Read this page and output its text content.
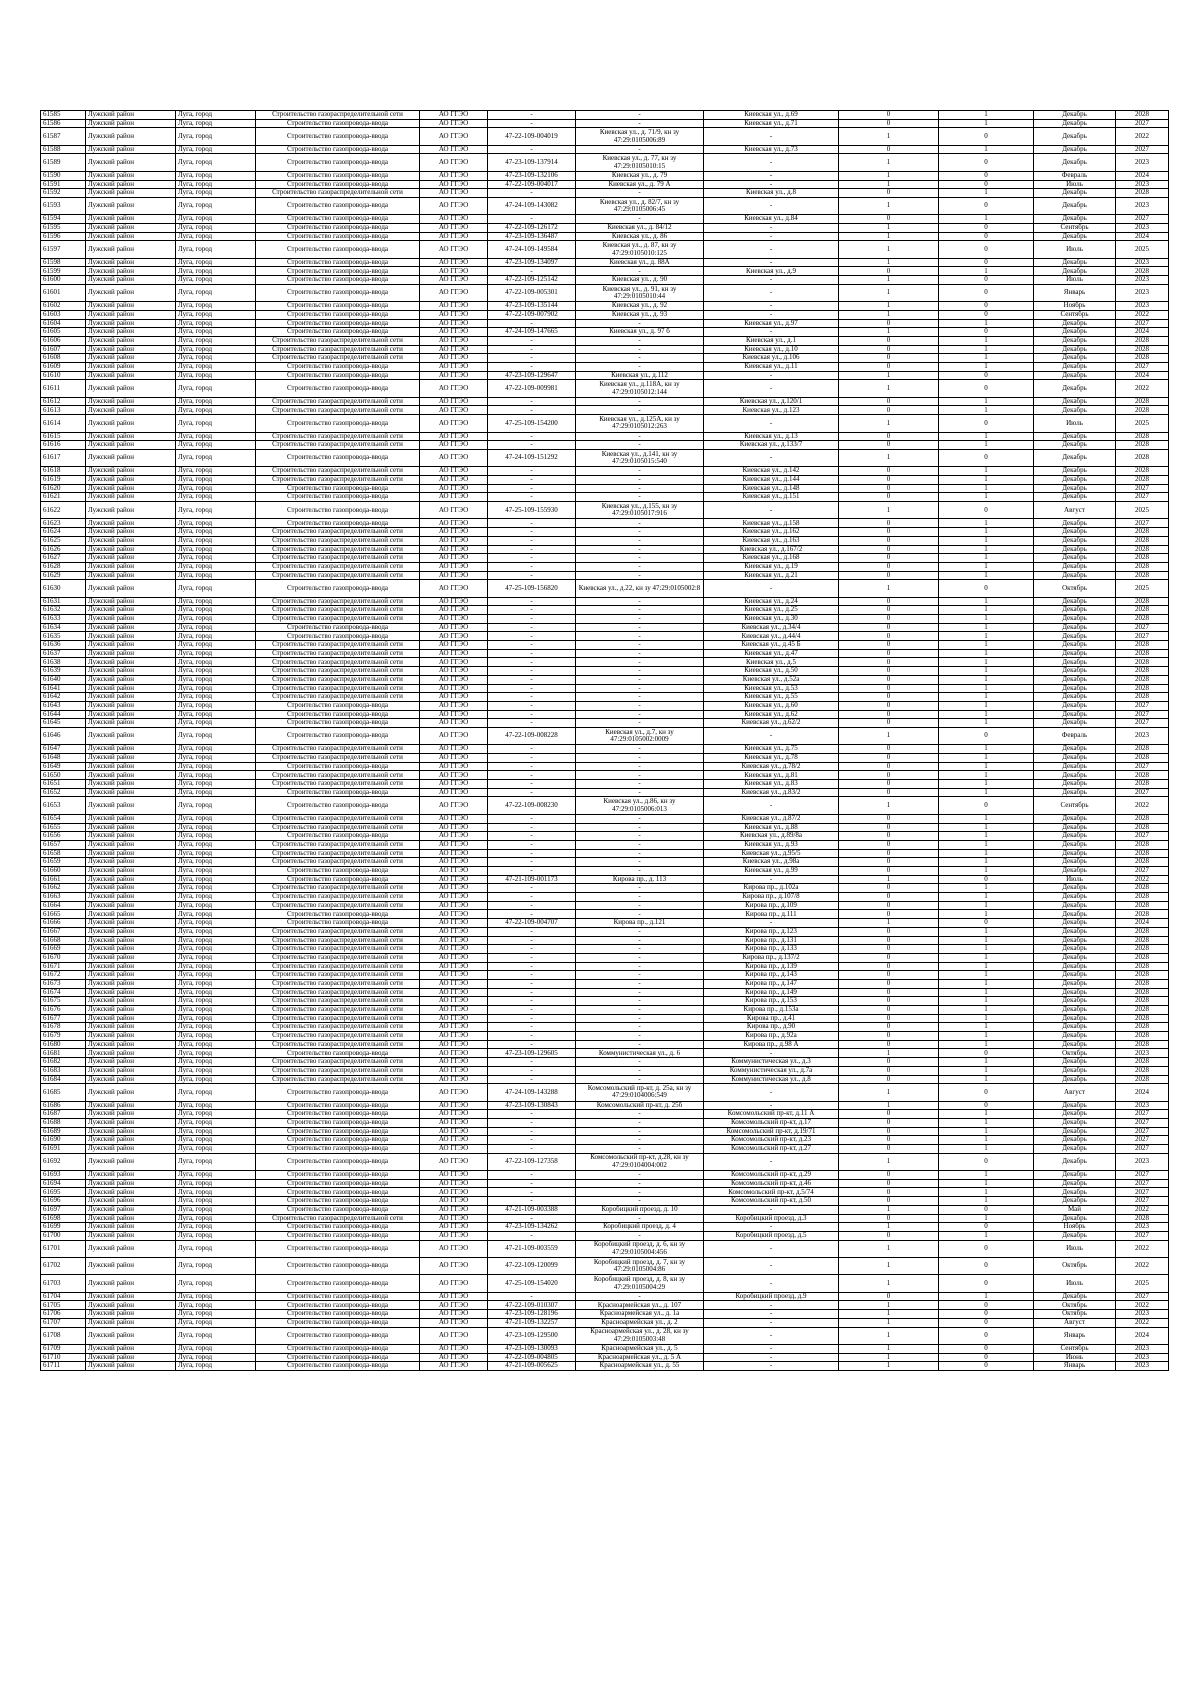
61585	Лужский район	Луга, город	Строительство газораспределительной сети	АО ГГЭО	-	-	Киевская ул., д.69	0	1	Декабрь	2028
61586	Лужский район	Луга, город	Строительство газопровода-ввода	АО ГГЭО	-	-	Киевская ул., д.71	0	1	Декабрь	2027
61587	Лужский район	Луга, город	Строительство газопровода-ввода	АО ГГЭО	47-22-109-004019	Киевская ул., д. 71/9, кн зу 47:29:0105006:89	-	1	0	Декабрь	2022
61588	Лужский район	Луга, город	Строительство газопровода-ввода	АО ГГЭО	-	-	Киевская ул., д.73	0	1	Декабрь	2027
61589	Лужский район	Луга, город	Строительство газопровода-ввода	АО ГГЭО	47-23-109-137914	Киевская ул., д. 77, кн зу 47:29:0105010:15	-	1	0	Декабрь	2023
61590	Лужский район	Луга, город	Строительство газопровода-ввода	АО ГГЭО	47-23-109-132106	Киевская ул., д. 79	-	1	0	Февраль	2024
61591	Лужский район	Луга, город	Строительство газопровода-ввода	АО ГГЭО	47-22-109-004017	Киевская ул., д. 79 А	-	1	0	Июль	2023
61592	Лужский район	Луга, город	Строительство газораспределительной сети	АО ГГЭО	-	-	Киевская ул., д.8	0	1	Декабрь	2028
61593	Лужский район	Луга, город	Строительство газопровода-ввода	АО ГГЭО	47-24-109-143082	Киевская ул., д. 82/7, кн зу 47:29:0105006:45	-	1	0	Декабрь	2023
61594	Лужский район	Луга, город	Строительство газопровода-ввода	АО ГГЭО	-	-	Киевская ул., д.84	0	1	Декабрь	2027
61595	Лужский район	Луга, город	Строительство газопровода-ввода	АО ГГЭО	47-22-109-126172	Киевская ул., д. 84/12	-	1	0	Сентябрь	2023
61596	Лужский район	Луга, город	Строительство газопровода-ввода	АО ГГЭО	47-23-109-136487	Киевская ул., д. 86	-	1	0	Декабрь	2024
61597	Лужский район	Луга, город	Строительство газопровода-ввода	АО ГГЭО	47-24-109-149584	Киевская ул., д. 87, кн зу 47:29:0105010:125	-	1	0	Июль	2025
61598	Лужский район	Луга, город	Строительство газопровода-ввода	АО ГГЭО	47-23-109-134097	Киевская ул., д. 88А	-	1	0	Декабрь	2023
61599	Лужский район	Луга, город	Строительство газопровода-ввода	АО ГГЭО	-	-	Киевская ул., д.9	0	1	Декабрь	2028
61600	Лужский район	Луга, город	Строительство газопровода-ввода	АО ГГЭО	47-22-109-125142	Киевская ул., д. 90	-	1	0	Июль	2023
61601	Лужский район	Луга, город	Строительство газопровода-ввода	АО ГГЭО	47-22-109-005301	Киевская ул., д. 91, кн зу 47:29:0105010:44	-	1	0	Январь	2023
61602	Лужский район	Луга, город	Строительство газопровода-ввода	АО ГГЭО	47-23-109-135144	Киевская ул., д. 92	-	1	0	Ноябрь	2023
61603	Лужский район	Луга, город	Строительство газопровода-ввода	АО ГГЭО	47-22-109-007902	Киевская ул., д. 93	-	1	0	Сентябрь	2022
61604	Лужский район	Луга, город	Строительство газопровода-ввода	АО ГГЭО	-	-	Киевская ул., д.97	0	1	Декабрь	2027
61605	Лужский район	Луга, город	Строительство газопровода-ввода	АО ГГЭО	47-24-109-147665	Киевская ул., д. 97 б	-	1	0	Декабрь	2024
61606	Лужский район	Луга, город	Строительство газораспределительной сети	АО ГГЭО	-	-	Киевская ул., д.1	0	1	Декабрь	2028
61607	Лужский район	Луга, город	Строительство газораспределительной сети	АО ГГЭО	-	-	Киевская ул., д.10	0	1	Декабрь	2028
61608	Лужский район	Луга, город	Строительство газораспределительной сети	АО ГГЭО	-	-	Киевская ул., д.106	0	1	Декабрь	2028
61609	Лужский район	Луга, город	Строительство газопровода-ввода	АО ГГЭО	-	-	Киевская ул., д.11	0	1	Декабрь	2027
61610	Лужский район	Луга, город	Строительство газопровода-ввода	АО ГГЭО	47-23-109-129647	Киевская ул., д.112	-	1	0	Декабрь	2024
61611	Лужский район	Луга, город	Строительство газопровода-ввода	АО ГГЭО	47-22-109-009981	Киевская ул., д.118А, кн зу 47:29:0105012:144	-	1	0	Декабрь	2022
61612	Лужский район	Луга, город	Строительство газораспределительной сети	АО ГГЭО	-	-	Киевская ул., д.120/1	0	1	Декабрь	2028
61613	Лужский район	Луга, город	Строительство газораспределительной сети	АО ГГЭО	-	-	Киевская ул., д.123	0	1	Декабрь	2028
61614	Лужский район	Луга, город	Строительство газопровода-ввода	АО ГГЭО	47-25-109-154200	Киевская ул., д.125А, кн зу 47:29:0105012:263	-	1	0	Июль	2025
61615	Лужский район	Луга, город	Строительство газораспределительной сети	АО ГГЭО	-	-	Киевская ул., д.13	0	1	Декабрь	2028
61616	Лужский район	Луга, город	Строительство газораспределительной сети	АО ГГЭО	-	-	Киевская ул., д.133/7	0	1	Декабрь	2028
61617	Лужский район	Луга, город	Строительство газопровода-ввода	АО ГГЭО	47-24-109-151292	Киевская ул., д.141, кн зу 47:29:0105015:540	-	1	0	Декабрь	2028
61618	Лужский район	Луга, город	Строительство газораспределительной сети	АО ГГЭО	-	-	Киевская ул., д.142	0	1	Декабрь	2028
61619	Лужский район	Луга, город	Строительство газораспределительной сети	АО ГГЭО	-	-	Киевская ул., д.144	0	1	Декабрь	2028
61620	Лужский район	Луга, город	Строительство газопровода-ввода	АО ГГЭО	-	-	Киевская ул., д.148	0	1	Декабрь	2027
61621	Лужский район	Луга, город	Строительство газопровода-ввода	АО ГГЭО	-	-	Киевская ул., д.151	0	1	Декабрь	2027
61622	Лужский район	Луга, город	Строительство газопровода-ввода	АО ГГЭО	47-25-109-155930	Киевская ул., д.155, кн зу 47:29:0105017:916	-	1	0	Август	2025
61623	Лужский район	Луга, город	Строительство газопровода-ввода	АО ГГЭО	-	-	Киевская ул., д.158	0	1	Декабрь	2027
61624	Лужский район	Луга, город	Строительство газораспределительной сети	АО ГГЭО	-	-	Киевская ул., д.162	0	1	Декабрь	2028
61625	Лужский район	Луга, город	Строительство газораспределительной сети	АО ГГЭО	-	-	Киевская ул., д.163	0	1	Декабрь	2028
61626	Лужский район	Луга, город	Строительство газораспределительной сети	АО ГГЭО	-	-	Киевская ул., д.167/2	0	1	Декабрь	2028
61627	Лужский район	Луга, город	Строительство газораспределительной сети	АО ГГЭО	-	-	Киевская ул., д.168	0	1	Декабрь	2028
61628	Лужский район	Луга, город	Строительство газораспределительной сети	АО ГГЭО	-	-	Киевская ул., д.19	0	1	Декабрь	2028
61629	Лужский район	Луга, город	Строительство газораспределительной сети	АО ГГЭО	-	-	Киевская ул., д.21	0	1	Декабрь	2028
61630	Лужский район	Луга, город	Строительство газопровода-ввода	АО ГГЭО	47-25-109-156820	Киевская ул., д.22, кн зу 47:29:0105002:8	-	1	0	Октябрь	2025
61631	Лужский район	Луга, город	Строительство газораспределительной сети	АО ГГЭО	-	-	Киевская ул., д.24	0	1	Декабрь	2028
61632	Лужский район	Луга, город	Строительство газораспределительной сети	АО ГГЭО	-	-	Киевская ул., д.25	0	1	Декабрь	2028
61633	Лужский район	Луга, город	Строительство газораспределительной сети	АО ГГЭО	-	-	Киевская ул., д.30	0	1	Декабрь	2028
61634	Лужский район	Луга, город	Строительство газопровода-ввода	АО ГГЭО	-	-	Киевская ул., д.34/4	0	1	Декабрь	2027
61635	Лужский район	Луга, город	Строительство газопровода-ввода	АО ГГЭО	-	-	Киевская ул., д.44/4	0	1	Декабрь	2027
61636	Лужский район	Луга, город	Строительство газораспределительной сети	АО ГГЭО	-	-	Киевская ул., д.45 Б	0	1	Декабрь	2028
61637	Лужский район	Луга, город	Строительство газораспределительной сети	АО ГГЭО	-	-	Киевская ул., д.47	0	1	Декабрь	2028
61638	Лужский район	Луга, город	Строительство газораспределительной сети	АО ГГЭО	-	-	Киевская ул., д.5	0	1	Декабрь	2028
61639	Лужский район	Луга, город	Строительство газораспределительной сети	АО ГГЭО	-	-	Киевская ул., д.50	0	1	Декабрь	2028
61640	Лужский район	Луга, город	Строительство газораспределительной сети	АО ГГЭО	-	-	Киевская ул., д.52а	0	1	Декабрь	2028
61641	Лужский район	Луга, город	Строительство газораспределительной сети	АО ГГЭО	-	-	Киевская ул., д.53	0	1	Декабрь	2028
61642	Лужский район	Луга, город	Строительство газораспределительной сети	АО ГГЭО	-	-	Киевская ул., д.55	0	1	Декабрь	2028
61643	Лужский район	Луга, город	Строительство газопровода-ввода	АО ГГЭО	-	-	Киевская ул., д.60	0	1	Декабрь	2027
61644	Лужский район	Луга, город	Строительство газопровода-ввода	АО ГГЭО	-	-	Киевская ул., д.62	0	1	Декабрь	2027
61645	Лужский район	Луга, город	Строительство газопровода-ввода	АО ГГЭО	-	-	Киевская ул., д.62/2	0	1	Декабрь	2027
61646	Лужский район	Луга, город	Строительство газопровода-ввода	АО ГГЭО	47-22-109-008228	Киевская ул., д.7, кн зу 47:29:0105002:0009	-	1	0	Февраль	2023
61647	Лужский район	Луга, город	Строительство газораспределительной сети	АО ГГЭО	-	-	Киевская ул., д.75	0	1	Декабрь	2028
61648	Лужский район	Луга, город	Строительство газораспределительной сети	АО ГГЭО	-	-	Киевская ул., д.78	0	1	Декабрь	2028
61649	Лужский район	Луга, город	Строительство газопровода-ввода	АО ГГЭО	-	-	Киевская ул., д.78/2	0	1	Декабрь	2027
61650	Лужский район	Луга, город	Строительство газораспределительной сети	АО ГГЭО	-	-	Киевская ул., д.81	0	1	Декабрь	2028
61651	Лужский район	Луга, город	Строительство газораспределительной сети	АО ГГЭО	-	-	Киевская ул., д.83	0	1	Декабрь	2028
61652	Лужский район	Луга, город	Строительство газопровода-ввода	АО ГГЭО	-	-	Киевская ул., д.83/2	0	1	Декабрь	2027
61653	Лужский район	Луга, город	Строительство газопровода-ввода	АО ГГЭО	47-22-109-008230	Киевская ул., д.86, кн зу 47:29:0105006:013	-	1	0	Сентябрь	2022
61654	Лужский район	Луга, город	Строительство газораспределительной сети	АО ГГЭО	-	-	Киевская ул., д.87/2	0	1	Декабрь	2028
61655	Лужский район	Луга, город	Строительство газораспределительной сети	АО ГГЭО	-	-	Киевская ул., д.88	0	1	Декабрь	2028
61656	Лужский район	Луга, город	Строительство газопровода-ввода	АО ГГЭО	-	-	Киевская ул., д.89/8а	0	1	Декабрь	2027
61657	Лужский район	Луга, город	Строительство газораспределительной сети	АО ГГЭО	-	-	Киевская ул., д.93	0	1	Декабрь	2028
61658	Лужский район	Луга, город	Строительство газораспределительной сети	АО ГГЭО	-	-	Киевская ул., д.95/5	0	1	Декабрь	2028
61659	Лужский район	Луга, город	Строительство газораспределительной сети	АО ГГЭО	-	-	Киевская ул., д.98а	0	1	Декабрь	2028
61660	Лужский район	Луга, город	Строительство газопровода-ввода	АО ГГЭО	-	-	Киевская ул., д.99	0	1	Декабрь	2027
61661	Лужский район	Луга, город	Строительство газопровода-ввода	АО ГГЭО	47-21-109-001173	Кирова пр., д. 113	-	1	0	Июль	2022
61662	Лужский район	Луга, город	Строительство газораспределительной сети	АО ГГЭО	-	-	Кирова пр., д.102а	0	1	Декабрь	2028
61663	Лужский район	Луга, город	Строительство газораспределительной сети	АО ГГЭО	-	-	Кирова пр., д.107/8	0	1	Декабрь	2028
61664	Лужский район	Луга, город	Строительство газораспределительной сети	АО ГГЭО	-	-	Кирова пр., д.109	0	1	Декабрь	2028
61665	Лужский район	Луга, город	Строительство газопровода-ввода	АО ГГЭО	-	-	Кирова пр., д.111	0	1	Декабрь	2028
61666	Лужский район	Луга, город	Строительство газопровода-ввода	АО ГГЭО	47-22-109-004707	Кирова пр., д.121	-	1	0	Декабрь	2024
61667	Лужский район	Луга, город	Строительство газораспределительной сети	АО ГГЭО	-	-	Кирова пр., д.123	0	1	Декабрь	2028
61668	Лужский район	Луга, город	Строительство газораспределительной сети	АО ГГЭО	-	-	Кирова пр., д.131	0	1	Декабрь	2028
61669	Лужский район	Луга, город	Строительство газораспределительной сети	АО ГГЭО	-	-	Кирова пр., д.133	0	1	Декабрь	2028
61670	Лужский район	Луга, город	Строительство газораспределительной сети	АО ГГЭО	-	-	Кирова пр., д.137/2	0	1	Декабрь	2028
61671	Лужский район	Луга, город	Строительство газораспределительной сети	АО ГГЭО	-	-	Кирова пр., д.139	0	1	Декабрь	2028
61672	Лужский район	Луга, город	Строительство газораспределительной сети	АО ГГЭО	-	-	Кирова пр., д.143	0	1	Декабрь	2028
61673	Лужский район	Луга, город	Строительство газораспределительной сети	АО ГГЭО	-	-	Кирова пр., д.147	0	1	Декабрь	2028
61674	Лужский район	Луга, город	Строительство газораспределительной сети	АО ГГЭО	-	-	Кирова пр., д.149	0	1	Декабрь	2028
61675	Лужский район	Луга, город	Строительство газораспределительной сети	АО ГГЭО	-	-	Кирова пр., д.153	0	1	Декабрь	2028
61676	Лужский район	Луга, город	Строительство газораспределительной сети	АО ГГЭО	-	-	Кирова пр., д.153а	0	1	Декабрь	2028
61677	Лужский район	Луга, город	Строительство газораспределительной сети	АО ГГЭО	-	-	Кирова пр., д.41	0	1	Декабрь	2028
61678	Лужский район	Луга, город	Строительство газораспределительной сети	АО ГГЭО	-	-	Кирова пр., д.90	0	1	Декабрь	2028
61679	Лужский район	Луга, город	Строительство газораспределительной сети	АО ГГЭО	-	-	Кирова пр., д.92а	0	1	Декабрь	2028
61680	Лужский район	Луга, город	Строительство газораспределительной сети	АО ГГЭО	-	-	Кирова пр., д.98 А	0	1	Декабрь	2028
61681	Лужский район	Луга, город	Строительство газопровода-ввода	АО ГГЭО	47-23-109-129605	Коммунистическая ул., д. 6	-	1	0	Октябрь	2023
61682	Лужский район	Луга, город	Строительство газораспределительной сети	АО ГГЭО	-	-	Коммунистическая ул., д.3	0	1	Декабрь	2028
61683	Лужский район	Луга, город	Строительство газораспределительной сети	АО ГГЭО	-	-	Коммунистическая ул., д.7а	0	1	Декабрь	2028
61684	Лужский район	Луга, город	Строительство газораспределительной сети	АО ГГЭО	-	-	Коммунистическая ул., д.8	0	1	Декабрь	2028
61685	Лужский район	Луга, город	Строительство газопровода-ввода	АО ГГЭО	47-24-109-143288	Комсомольский пр-кт, д. 25а, кн зу 47:29:0104006:549	-	1	0	Август	2024
61686	Лужский район	Луга, город	Строительство газопровода-ввода	АО ГГЭО	47-23-109-130843	Комсомольский пр-кт, д. 25б	-	1	0	Декабрь	2023
61687	Лужский район	Луга, город	Строительство газопровода-ввода	АО ГГЭО	-	-	Комсомольский пр-кт, д.11 А	0	1	Декабрь	2027
61688	Лужский район	Луга, город	Строительство газопровода-ввода	АО ГГЭО	-	-	Комсомольский пр-кт, д.17	0	1	Декабрь	2027
61689	Лужский район	Луга, город	Строительство газопровода-ввода	АО ГГЭО	-	-	Комсомольский пр-кт, д.19/71	0	1	Декабрь	2027
61690	Лужский район	Луга, город	Строительство газопровода-ввода	АО ГГЭО	-	-	Комсомольский пр-кт, д.23	0	1	Декабрь	2027
61691	Лужский район	Луга, город	Строительство газопровода-ввода	АО ГГЭО	-	-	Комсомольский пр-кт, д.27	0	1	Декабрь	2027
61692	Лужский район	Луга, город	Строительство газопровода-ввода	АО ГГЭО	47-22-109-127358	Комсомольский пр-кт, д.28, кн зу 47:29:0104004:002	-	1	0	Декабрь	2023
61693	Лужский район	Луга, город	Строительство газопровода-ввода	АО ГГЭО	-	-	Комсомольский пр-кт, д.29	0	1	Декабрь	2027
61694	Лужский район	Луга, город	Строительство газопровода-ввода	АО ГГЭО	-	-	Комсомольский пр-кт, д.46	0	1	Декабрь	2027
61695	Лужский район	Луга, город	Строительство газопровода-ввода	АО ГГЭО	-	-	Комсомольский пр-кт, д.5/74	0	1	Декабрь	2027
61696	Лужский район	Луга, город	Строительство газопровода-ввода	АО ГГЭО	-	-	Комсомольский пр-кт, д.50	0	1	Декабрь	2027
61697	Лужский район	Луга, город	Строительство газопровода-ввода	АО ГГЭО	47-21-109-003388	Коробицкий проезд, д. 10	-	1	0	Май	2022
61698	Лужский район	Луга, город	Строительство газораспределительной сети	АО ГГЭО	-	-	Коробицкий проезд, д.3	0	1	Декабрь	2028
61699	Лужский район	Луга, город	Строительство газопровода-ввода	АО ГГЭО	47-23-109-134262	Коробицкий проезд, д. 4	-	1	0	Ноябрь	2023
61700	Лужский район	Луга, город	Строительство газопровода-ввода	АО ГГЭО	-	-	Коробицкий проезд, д.5	0	1	Декабрь	2027
61701	Лужский район	Луга, город	Строительство газопровода-ввода	АО ГГЭО	47-21-109-003559	Коробицкий проезд, д. 6, кн зу 47:29:0105004:456	-	1	0	Июль	2022
61702	Лужский район	Луга, город	Строительство газопровода-ввода	АО ГГЭО	47-22-109-120099	Коробицкий проезд, д. 7, кн зу 47:29:0105004:86	-	1	0	Октябрь	2022
61703	Лужский район	Луга, город	Строительство газопровода-ввода	АО ГГЭО	47-25-109-154020	Коробицкий проезд, д. 8, кн зу 47:29:0105004:29	-	1	0	Июль	2025
61704	Лужский район	Луга, город	Строительство газопровода-ввода	АО ГГЭО	-	-	Коробицкий проезд, д.9	0	1	Декабрь	2027
61705	Лужский район	Луга, город	Строительство газопровода-ввода	АО ГГЭО	47-22-109-010307	Красноармейская ул., д. 107	-	1	0	Октябрь	2022
61706	Лужский район	Луга, город	Строительство газопровода-ввода	АО ГГЭО	47-23-109-128196	Красноармейская ул., д. 1а	-	1	0	Октябрь	2023
61707	Лужский район	Луга, город	Строительство газопровода-ввода	АО ГГЭО	47-21-109-132257	Красноармейская ул., д. 2	-	1	0	Август	2022
61708	Лужский район	Луга, город	Строительство газопровода-ввода	АО ГГЭО	47-23-109-129500	Красноармейская ул., д. 28, кн зу 47:29:0105003:48	-	1	0	Январь	2024
61709	Лужский район	Луга, город	Строительство газопровода-ввода	АО ГГЭО	47-23-109-130093	Красноармейская ул., д. 5	-	1	0	Сентябрь	2023
61710	Лужский район	Луга, город	Строительство газопровода-ввода	АО ГГЭО	47-22-109-004805	Красноармейская ул., д. 5 А	-	1	0	Июнь	2023
61711	Лужский район	Луга, город	Строительство газопровода-ввода	АО ГГЭО	47-21-109-005625	Красноармейская ул., д. 55	-	1	0	Январь	2023
